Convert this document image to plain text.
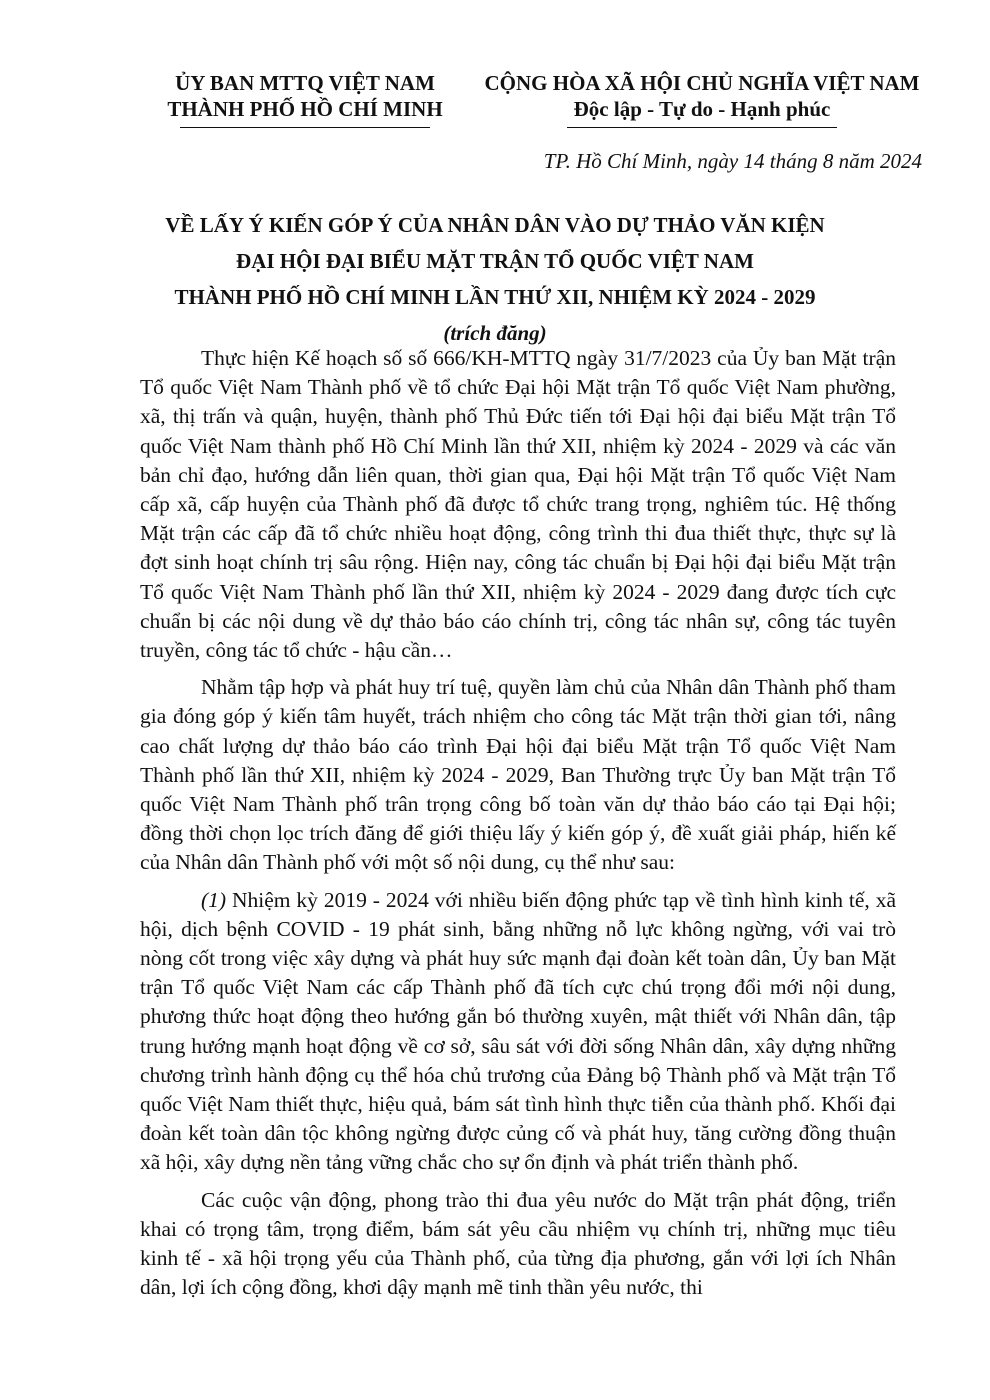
ỦY BAN MTTQ VIỆT NAM
THÀNH PHỐ HỒ CHÍ MINH
CỘNG HÒA XÃ HỘI CHỦ NGHĨA VIỆT NAM
Độc lập - Tự do - Hạnh phúc
TP. Hồ Chí Minh, ngày 14 tháng 8 năm 2024
VỀ LẤY Ý KIẾN GÓP Ý CỦA NHÂN DÂN VÀO DỰ THẢO VĂN KIỆN
ĐẠI HỘI ĐẠI BIỂU MẶT TRẬN TỔ QUỐC VIỆT NAM
THÀNH PHỐ HỒ CHÍ MINH LẦN THỨ XII, NHIỆM KỲ 2024 - 2029
(trích đăng)

Thực hiện Kế hoạch số số 666/KH-MTTQ ngày 31/7/2023 của Ủy ban Mặt trận Tổ quốc Việt Nam Thành phố về tổ chức Đại hội Mặt trận Tổ quốc Việt Nam phường, xã, thị trấn và quận, huyện, thành phố Thủ Đức tiến tới Đại hội đại biểu Mặt trận Tổ quốc Việt Nam thành phố Hồ Chí Minh lần thứ XII, nhiệm kỳ 2024 - 2029 và các văn bản chỉ đạo, hướng dẫn liên quan, thời gian qua, Đại hội Mặt trận Tổ quốc Việt Nam cấp xã, cấp huyện của Thành phố đã được tổ chức trang trọng, nghiêm túc. Hệ thống Mặt trận các cấp đã tổ chức nhiều hoạt động, công trình thi đua thiết thực, thực sự là đợt sinh hoạt chính trị sâu rộng. Hiện nay, công tác chuẩn bị Đại hội đại biểu Mặt trận Tổ quốc Việt Nam Thành phố lần thứ XII, nhiệm kỳ 2024 - 2029 đang được tích cực chuẩn bị các nội dung về dự thảo báo cáo chính trị, công tác nhân sự, công tác tuyên truyền, công tác tổ chức - hậu cần…

Nhằm tập hợp và phát huy trí tuệ, quyền làm chủ của Nhân dân Thành phố tham gia đóng góp ý kiến tâm huyết, trách nhiệm cho công tác Mặt trận thời gian tới, nâng cao chất lượng dự thảo báo cáo trình Đại hội đại biểu Mặt trận Tổ quốc Việt Nam Thành phố lần thứ XII, nhiệm kỳ 2024 - 2029, Ban Thường trực Ủy ban Mặt trận Tổ quốc Việt Nam Thành phố trân trọng công bố toàn văn dự thảo báo cáo tại Đại hội; đồng thời chọn lọc trích đăng để giới thiệu lấy ý kiến góp ý, đề xuất giải pháp, hiến kế của Nhân dân Thành phố với một số nội dung, cụ thể như sau:

(1) Nhiệm kỳ 2019 - 2024 với nhiều biến động phức tạp về tình hình kinh tế, xã hội, dịch bệnh COVID - 19 phát sinh, bằng những nỗ lực không ngừng, với vai trò nòng cốt trong việc xây dựng và phát huy sức mạnh đại đoàn kết toàn dân, Ủy ban Mặt trận Tổ quốc Việt Nam các cấp Thành phố đã tích cực chú trọng đổi mới nội dung, phương thức hoạt động theo hướng gắn bó thường xuyên, mật thiết với Nhân dân, tập trung hướng mạnh hoạt động về cơ sở, sâu sát với đời sống Nhân dân, xây dựng những chương trình hành động cụ thể hóa chủ trương của Đảng bộ Thành phố và Mặt trận Tổ quốc Việt Nam thiết thực, hiệu quả, bám sát tình hình thực tiễn của thành phố. Khối đại đoàn kết toàn dân tộc không ngừng được củng cố và phát huy, tăng cường đồng thuận xã hội, xây dựng nền tảng vững chắc cho sự ổn định và phát triển thành phố.

Các cuộc vận động, phong trào thi đua yêu nước do Mặt trận phát động, triển khai có trọng tâm, trọng điểm, bám sát yêu cầu nhiệm vụ chính trị, những mục tiêu kinh tế - xã hội trọng yếu của Thành phố, của từng địa phương, gắn với lợi ích Nhân dân, lợi ích cộng đồng, khơi dậy mạnh mẽ tinh thần yêu nước, thi
